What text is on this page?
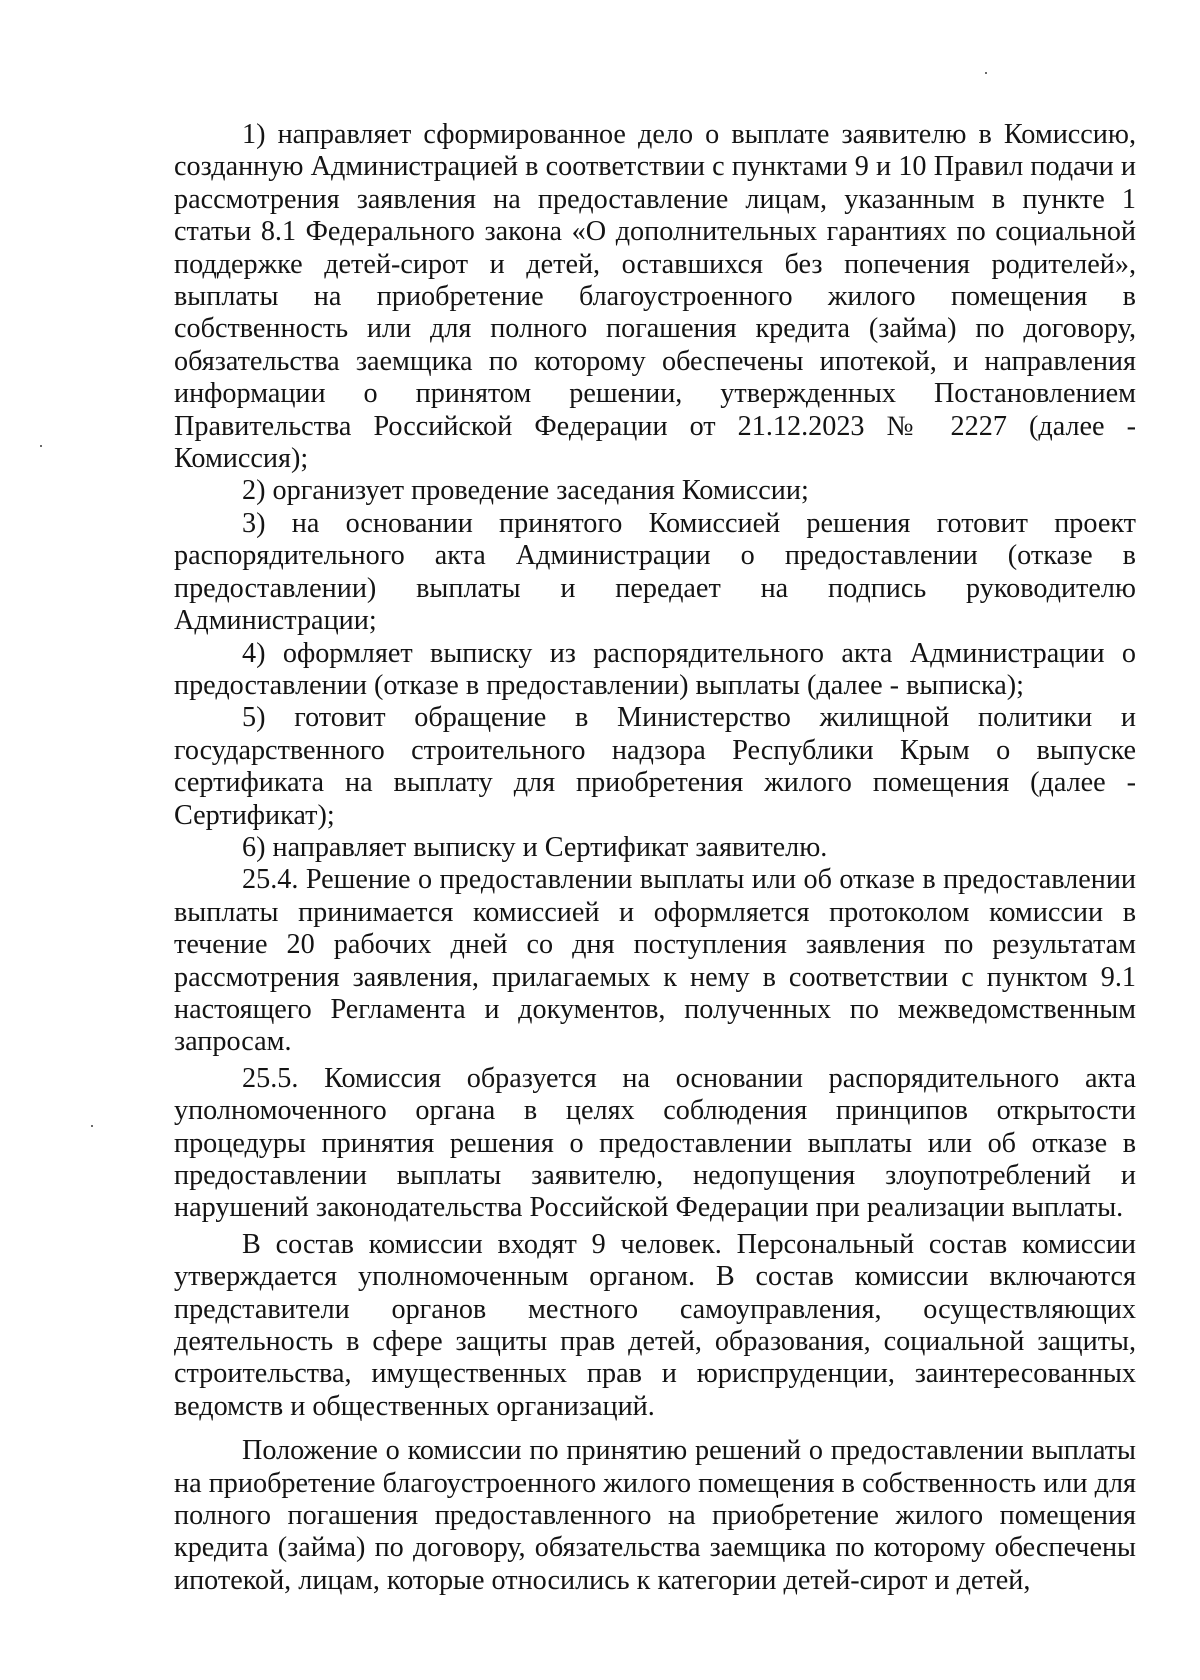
1) направляет сформированное дело о выплате заявителю в Комиссию, созданную Администрацией в соответствии с пунктами 9 и 10 Правил подачи и рассмотрения заявления на предоставление лицам, указанным в пункте 1 статьи 8.1 Федерального закона «О дополнительных гарантиях по социальной поддержке детей-сирот и детей, оставшихся без попечения родителей», выплаты на приобретение благоустроенного жилого помещения в собственность или для полного погашения кредита (займа) по договору, обязательства заемщика по которому обеспечены ипотекой, и направления информации о принятом решении, утвержденных Постановлением Правительства Российской Федерации от 21.12.2023 № 2227 (далее - Комиссия);

2) организует проведение заседания Комиссии;

3) на основании принятого Комиссией решения готовит проект распорядительного акта Администрации о предоставлении (отказе в предоставлении) выплаты и передает на подпись руководителю Администрации;

4) оформляет выписку из распорядительного акта Администрации о предоставлении (отказе в предоставлении) выплаты (далее - выписка);

5) готовит обращение в Министерство жилищной политики и государственного строительного надзора Республики Крым о выпуске сертификата на выплату для приобретения жилого помещения (далее - Сертификат);

6) направляет выписку и Сертификат заявителю.

25.4. Решение о предоставлении выплаты или об отказе в предоставлении выплаты принимается комиссией и оформляется протоколом комиссии в течение 20 рабочих дней со дня поступления заявления по результатам рассмотрения заявления, прилагаемых к нему в соответствии с пунктом 9.1 настоящего Регламента и документов, полученных по межведомственным запросам.

25.5. Комиссия образуется на основании распорядительного акта уполномоченного органа в целях соблюдения принципов открытости процедуры принятия решения о предоставлении выплаты или об отказе в предоставлении выплаты заявителю, недопущения злоупотреблений и нарушений законодательства Российской Федерации при реализации выплаты.

В состав комиссии входят 9 человек. Персональный состав комиссии утверждается уполномоченным органом. В состав комиссии включаются представители органов местного самоуправления, осуществляющих деятельность в сфере защиты прав детей, образования, социальной защиты, строительства, имущественных прав и юриспруденции, заинтересованных ведомств и общественных организаций.

Положение о комиссии по принятию решений о предоставлении выплаты на приобретение благоустроенного жилого помещения в собственность или для полного погашения предоставленного на приобретение жилого помещения кредита (займа) по договору, обязательства заемщика по которому обеспечены ипотекой, лицам, которые относились к категории детей-сирот и детей,
